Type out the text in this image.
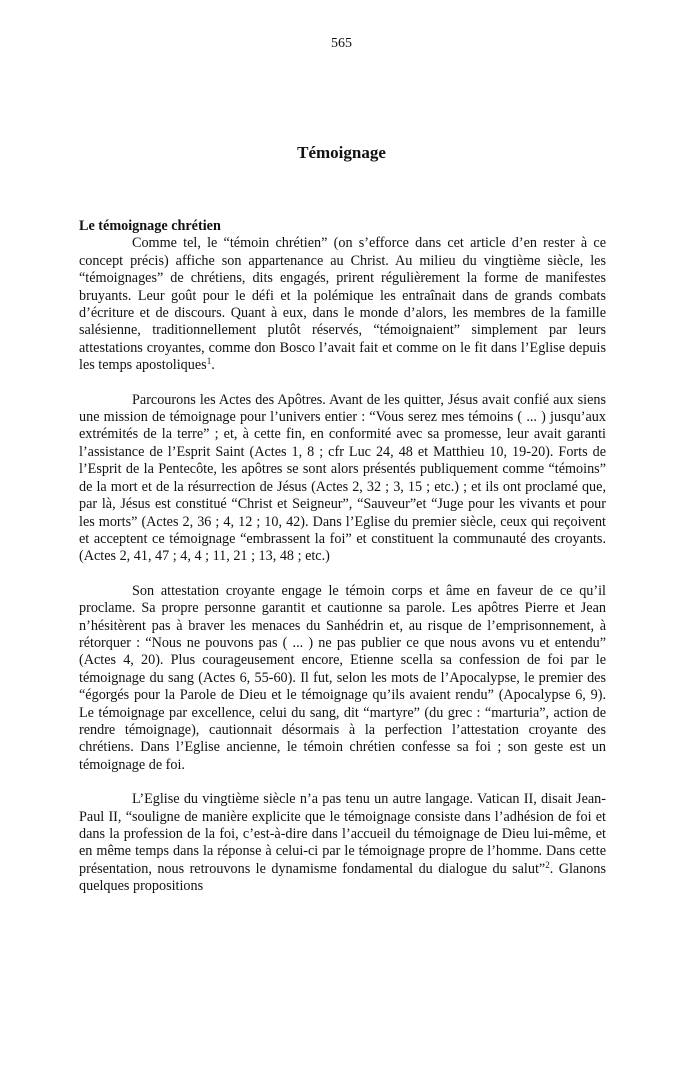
565
Témoignage

Le témoignage chrétien

Comme tel, le “témoin chrétien” (on s’efforce dans cet article d’en rester à ce concept précis) affiche son appartenance au Christ. Au milieu du vingtième siècle, les “témoignages” de chrétiens, dits engagés, prirent régulièrement la forme de manifestes bruyants. Leur goût pour le défi et la polémique les entraînait dans de grands combats d’écriture et de discours. Quant à eux, dans le monde d’alors, les membres de la famille salésienne, traditionnellement plutôt réservés, “témoignaient” simplement par leurs attestations croyantes, comme don Bosco l’avait fait et comme on le fit dans l’Eglise depuis les temps apostoliques$^1$.

Parcourons les Actes des Apôtres. Avant de les quitter, Jésus avait confié aux siens une mission de témoignage pour l’univers entier : “Vous serez mes témoins ( ... ) jusqu’aux extrémités de la terre” ; et, à cette fin, en conformité avec sa promesse, leur avait garanti l’assistance de l’Esprit Saint (Actes 1, 8 ; cfr Luc 24, 48 et Matthieu 10, 19-20). Forts de l’Esprit de la Pentecôte, les apôtres se sont alors présentés publiquement comme “témoins” de la mort et de la résurrection de Jésus (Actes 2, 32 ; 3, 15 ; etc.) ; et ils ont proclamé que, par là, Jésus est constitué “Christ et Seigneur”, “Sauveur”et “Juge pour les vivants et pour les morts” (Actes 2, 36 ; 4, 12 ; 10, 42). Dans l’Eglise du premier siècle, ceux qui reçoivent et acceptent ce témoignage “embrassent la foi” et constituent la communauté des croyants. (Actes 2, 41, 47 ; 4, 4 ; 11, 21 ; 13, 48 ; etc.)

Son attestation croyante engage le témoin corps et âme en faveur de ce qu’il proclame. Sa propre personne garantit et cautionne sa parole. Les apôtres Pierre et Jean n’hésitèrent pas à braver les menaces du Sanhédrin et, au risque de l’emprisonnement, à rétorquer : “Nous ne pouvons pas ( ... ) ne pas publier ce que nous avons vu et entendu” (Actes 4, 20). Plus courageusement encore, Etienne scella sa confession de foi par le témoignage du sang (Actes 6, 55-60). Il fut, selon les mots de l’Apocalypse, le premier des “égorgés pour la Parole de Dieu et le témoignage qu’ils avaient rendu” (Apocalypse 6, 9). Le témoignage par excellence, celui du sang, dit “martyre” (du grec : “marturia”, action de rendre témoignage), cautionnait désormais à la perfection l’attestation croyante des chrétiens. Dans l’Eglise ancienne, le témoin chrétien confesse sa foi ; son geste est un témoignage de foi.

L’Eglise du vingtième siècle n’a pas tenu un autre langage. Vatican II, disait Jean-Paul II, “souligne de manière explicite que le témoignage consiste dans l’adhésion de foi et dans la profession de la foi, c’est-à-dire dans l’accueil du témoignage de Dieu lui-même, et en même temps dans la réponse à celui-ci par le témoignage propre de l’homme. Dans cette présentation, nous retrouvons le dynamisme fondamental du dialogue du salut”$^2$. Glanons quelques propositions
